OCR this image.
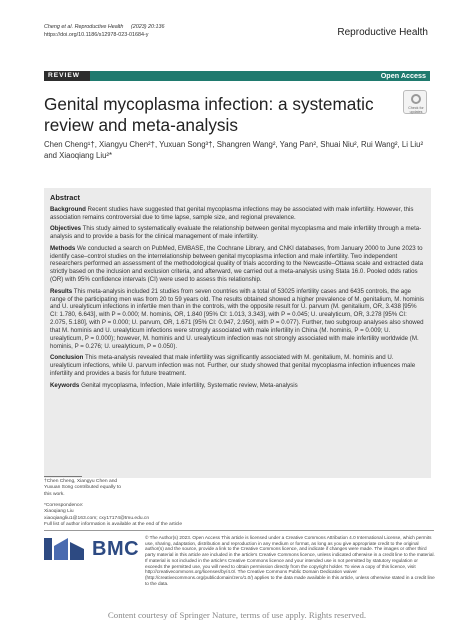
Cheng et al. Reproductive Health (2023) 20:136
https://doi.org/10.1186/s12978-023-01684-y	Reproductive Health
REVIEW	Open Access
Genital mycoplasma infection: a systematic review and meta-analysis
Check for updates
Chen Cheng¹†, Xiangyu Chen²†, Yuxuan Song³†, Shangren Wang², Yang Pan², Shuai Niu², Rui Wang², Li Liu² and Xiaoqiang Liu²*
Abstract

Background Recent studies have suggested that genital mycoplasma infections may be associated with male infertility. However, this association remains controversial due to time lapse, sample size, and regional prevalence.

Objectives This study aimed to systematically evaluate the relationship between genital mycoplasma and male infertility through a meta-analysis and to provide a basis for the clinical management of male infertility.

Methods We conducted a search on PubMed, EMBASE, the Cochrane Library, and CNKI databases, from January 2000 to June 2023 to identify case–control studies on the interrelationship between genital mycoplasma infection and male infertility. Two independent researchers performed an assessment of the methodological quality of trials according to the Newcastle–Ottawa scale and extracted data strictly based on the inclusion and exclusion criteria, and afterward, we carried out a meta-analysis using Stata 16.0. Pooled odds ratios (OR) with 95% confidence intervals (CI) were used to assess this relationship.

Results This meta-analysis included 21 studies from seven countries with a total of 53025 infertility cases and 6435 controls, the age range of the participating men was from 20 to 59 years old. The results obtained showed a higher prevalence of M. genitalium, M. hominis and U. urealyticum infections in infertile men than in the controls, with the opposite result for U. parvum (M. genitalium, OR, 3.438 [95% CI: 1.780, 6.643], with P = 0.000; M. hominis, OR, 1.840 [95% CI: 1.013, 3.343], with P = 0.045; U. urealyticum, OR, 3.278 [95% CI: 2.075, 5.180], with P = 0.000; U. parvum, OR, 1.671 [95% CI: 0.947, 2.950], with P = 0.077). Further, two subgroup analyses also showed that M. hominis and U. urealyticum infections were strongly associated with male infertility in China (M. hominis, P = 0.009; U. urealyticum, P = 0.000); however, M. hominis and U. urealyticum infection was not strongly associated with male infertility worldwide (M. hominis, P = 0.276; U. urealyticum, P = 0.050).

Conclusion This meta-analysis revealed that male infertility was significantly associated with M. genitalium, M. hominis and U. urealyticum infections, while U. parvum infection was not. Further, our study showed that genital mycoplasma infection influences male infertility and provides a basis for future treatment.

Keywords Genital mycoplasma, Infection, Male infertility, Systematic review, Meta-analysis

†Chen Cheng, Xiangyu Chen and Yuxuan Song contributed equally to this work.
*Correspondence:
Xiaoqiang Liu
xiaoqiangliu1@163.com; cxy17174@tmu.edu.cn
Full list of author information is available at the end of the article
BMC
© The Author(s) 2023. Open Access This article is licensed under a Creative Commons Attribution 4.0 International License, which permits use, sharing, adaptation, distribution and reproduction in any medium or format, as long as you give appropriate credit to the original author(s) and the source, provide a link to the Creative Commons licence, and indicate if changes were made. The images or other third party material in this article are included in the article's Creative Commons licence, unless indicated otherwise in a credit line to the material. If material is not included in the article's Creative Commons licence and your intended use is not permitted by statutory regulation or exceeds the permitted use, you will need to obtain permission directly from the copyright holder. To view a copy of this licence, visit http://creativecommons.org/licenses/by/4.0/. The Creative Commons Public Domain Dedication waiver (http://creativecommons.org/publicdomain/zero/1.0/) applies to the data made available in this article, unless otherwise stated in a credit line to the data.
Content courtesy of Springer Nature, terms of use apply. Rights reserved.
